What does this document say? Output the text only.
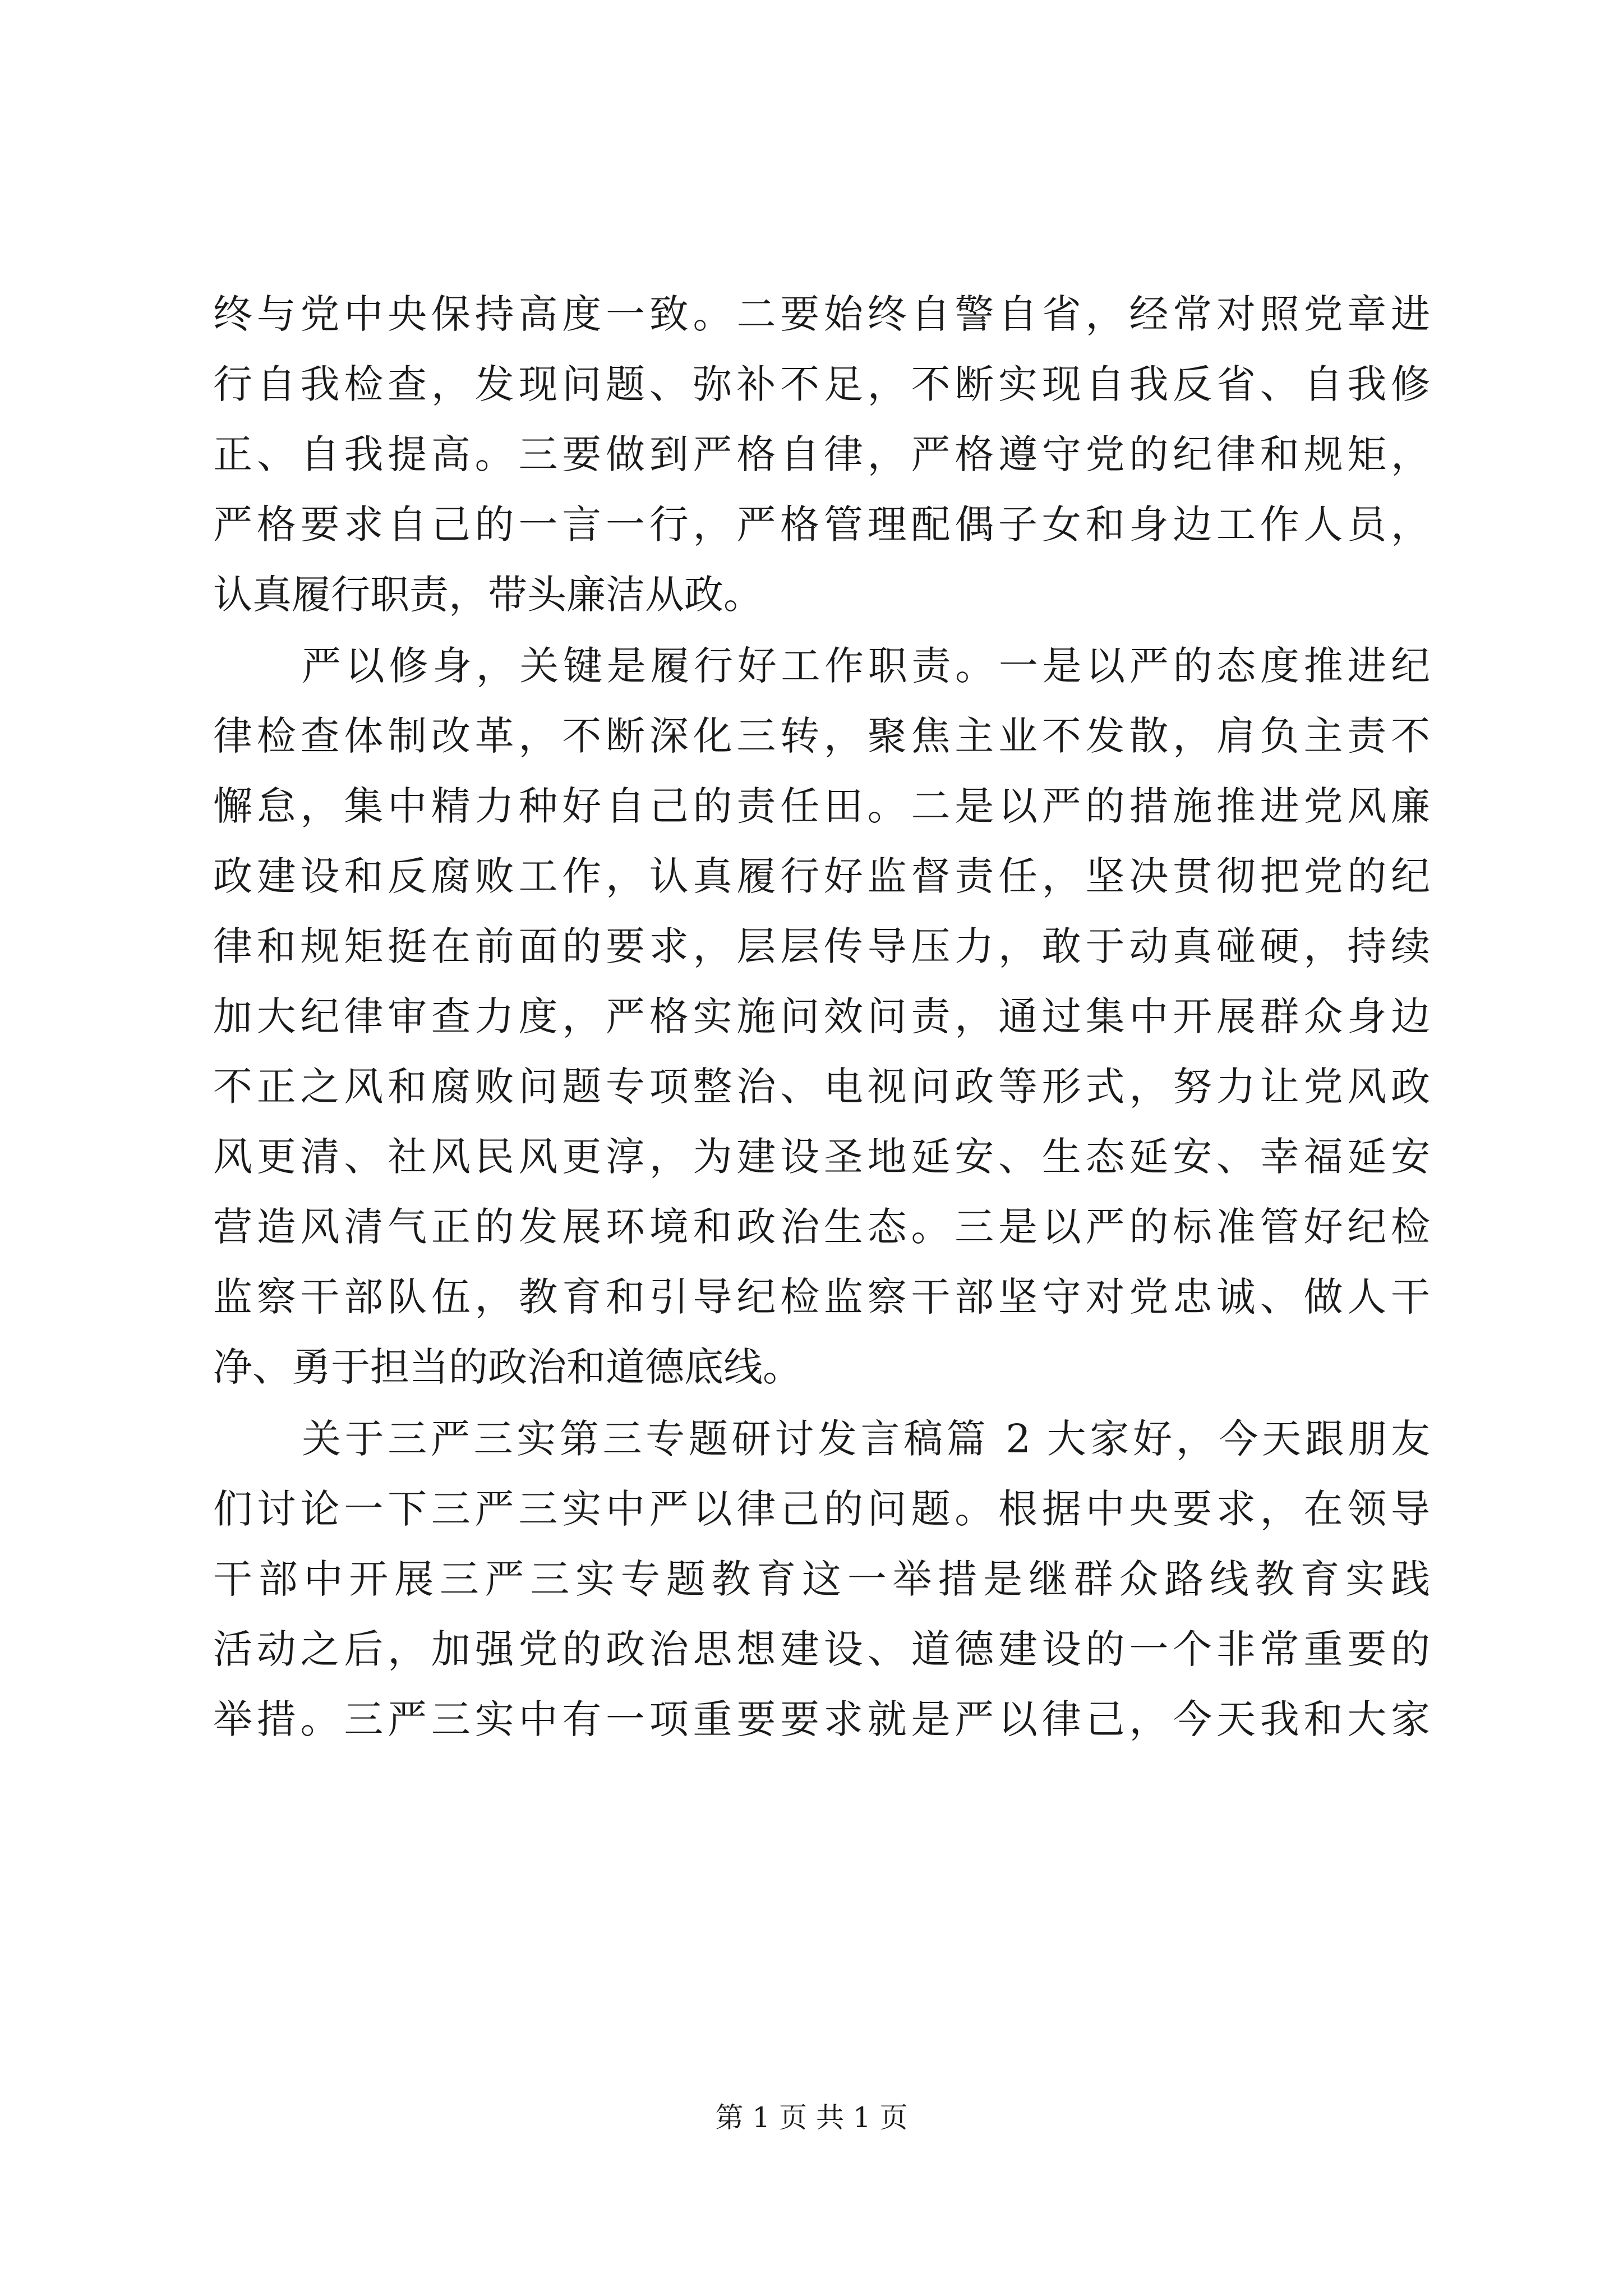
终与党中央保持高度一致。二要始终自警自省，经常对照党章进
行自我检查，发现问题、弥补不足，不断实现自我反省、自我修
正、自我提高。三要做到严格自律，严格遵守党的纪律和规矩，
严格要求自己的一言一行，严格管理配偶子女和身边工作人员，
认真履行职责，带头廉洁从政。
严以修身，关键是履行好工作职责。一是以严的态度推进纪
律检查体制改革，不断深化三转，聚焦主业不发散，肩负主责不
懈怠，集中精力种好自己的责任田。二是以严的措施推进党风廉
政建设和反腐败工作，认真履行好监督责任，坚决贯彻把党的纪
律和规矩挺在前面的要求，层层传导压力，敢于动真碰硬，持续
加大纪律审查力度，严格实施问效问责，通过集中开展群众身边
不正之风和腐败问题专项整治、电视问政等形式，努力让党风政
风更清、社风民风更淳，为建设圣地延安、生态延安、幸福延安
营造风清气正的发展环境和政治生态。三是以严的标准管好纪检
监察干部队伍，教育和引导纪检监察干部坚守对党忠诚、做人干
净、勇于担当的政治和道德底线。
关于三严三实第三专题研讨发言稿篇 2 大家好，今天跟朋友
们讨论一下三严三实中严以律己的问题。根据中央要求，在领导
干部中开展三严三实专题教育这一举措是继群众路线教育实践
活动之后，加强党的政治思想建设、道德建设的一个非常重要的
举措。三严三实中有一项重要要求就是严以律己，今天我和大家
第 1 页 共 1 页
